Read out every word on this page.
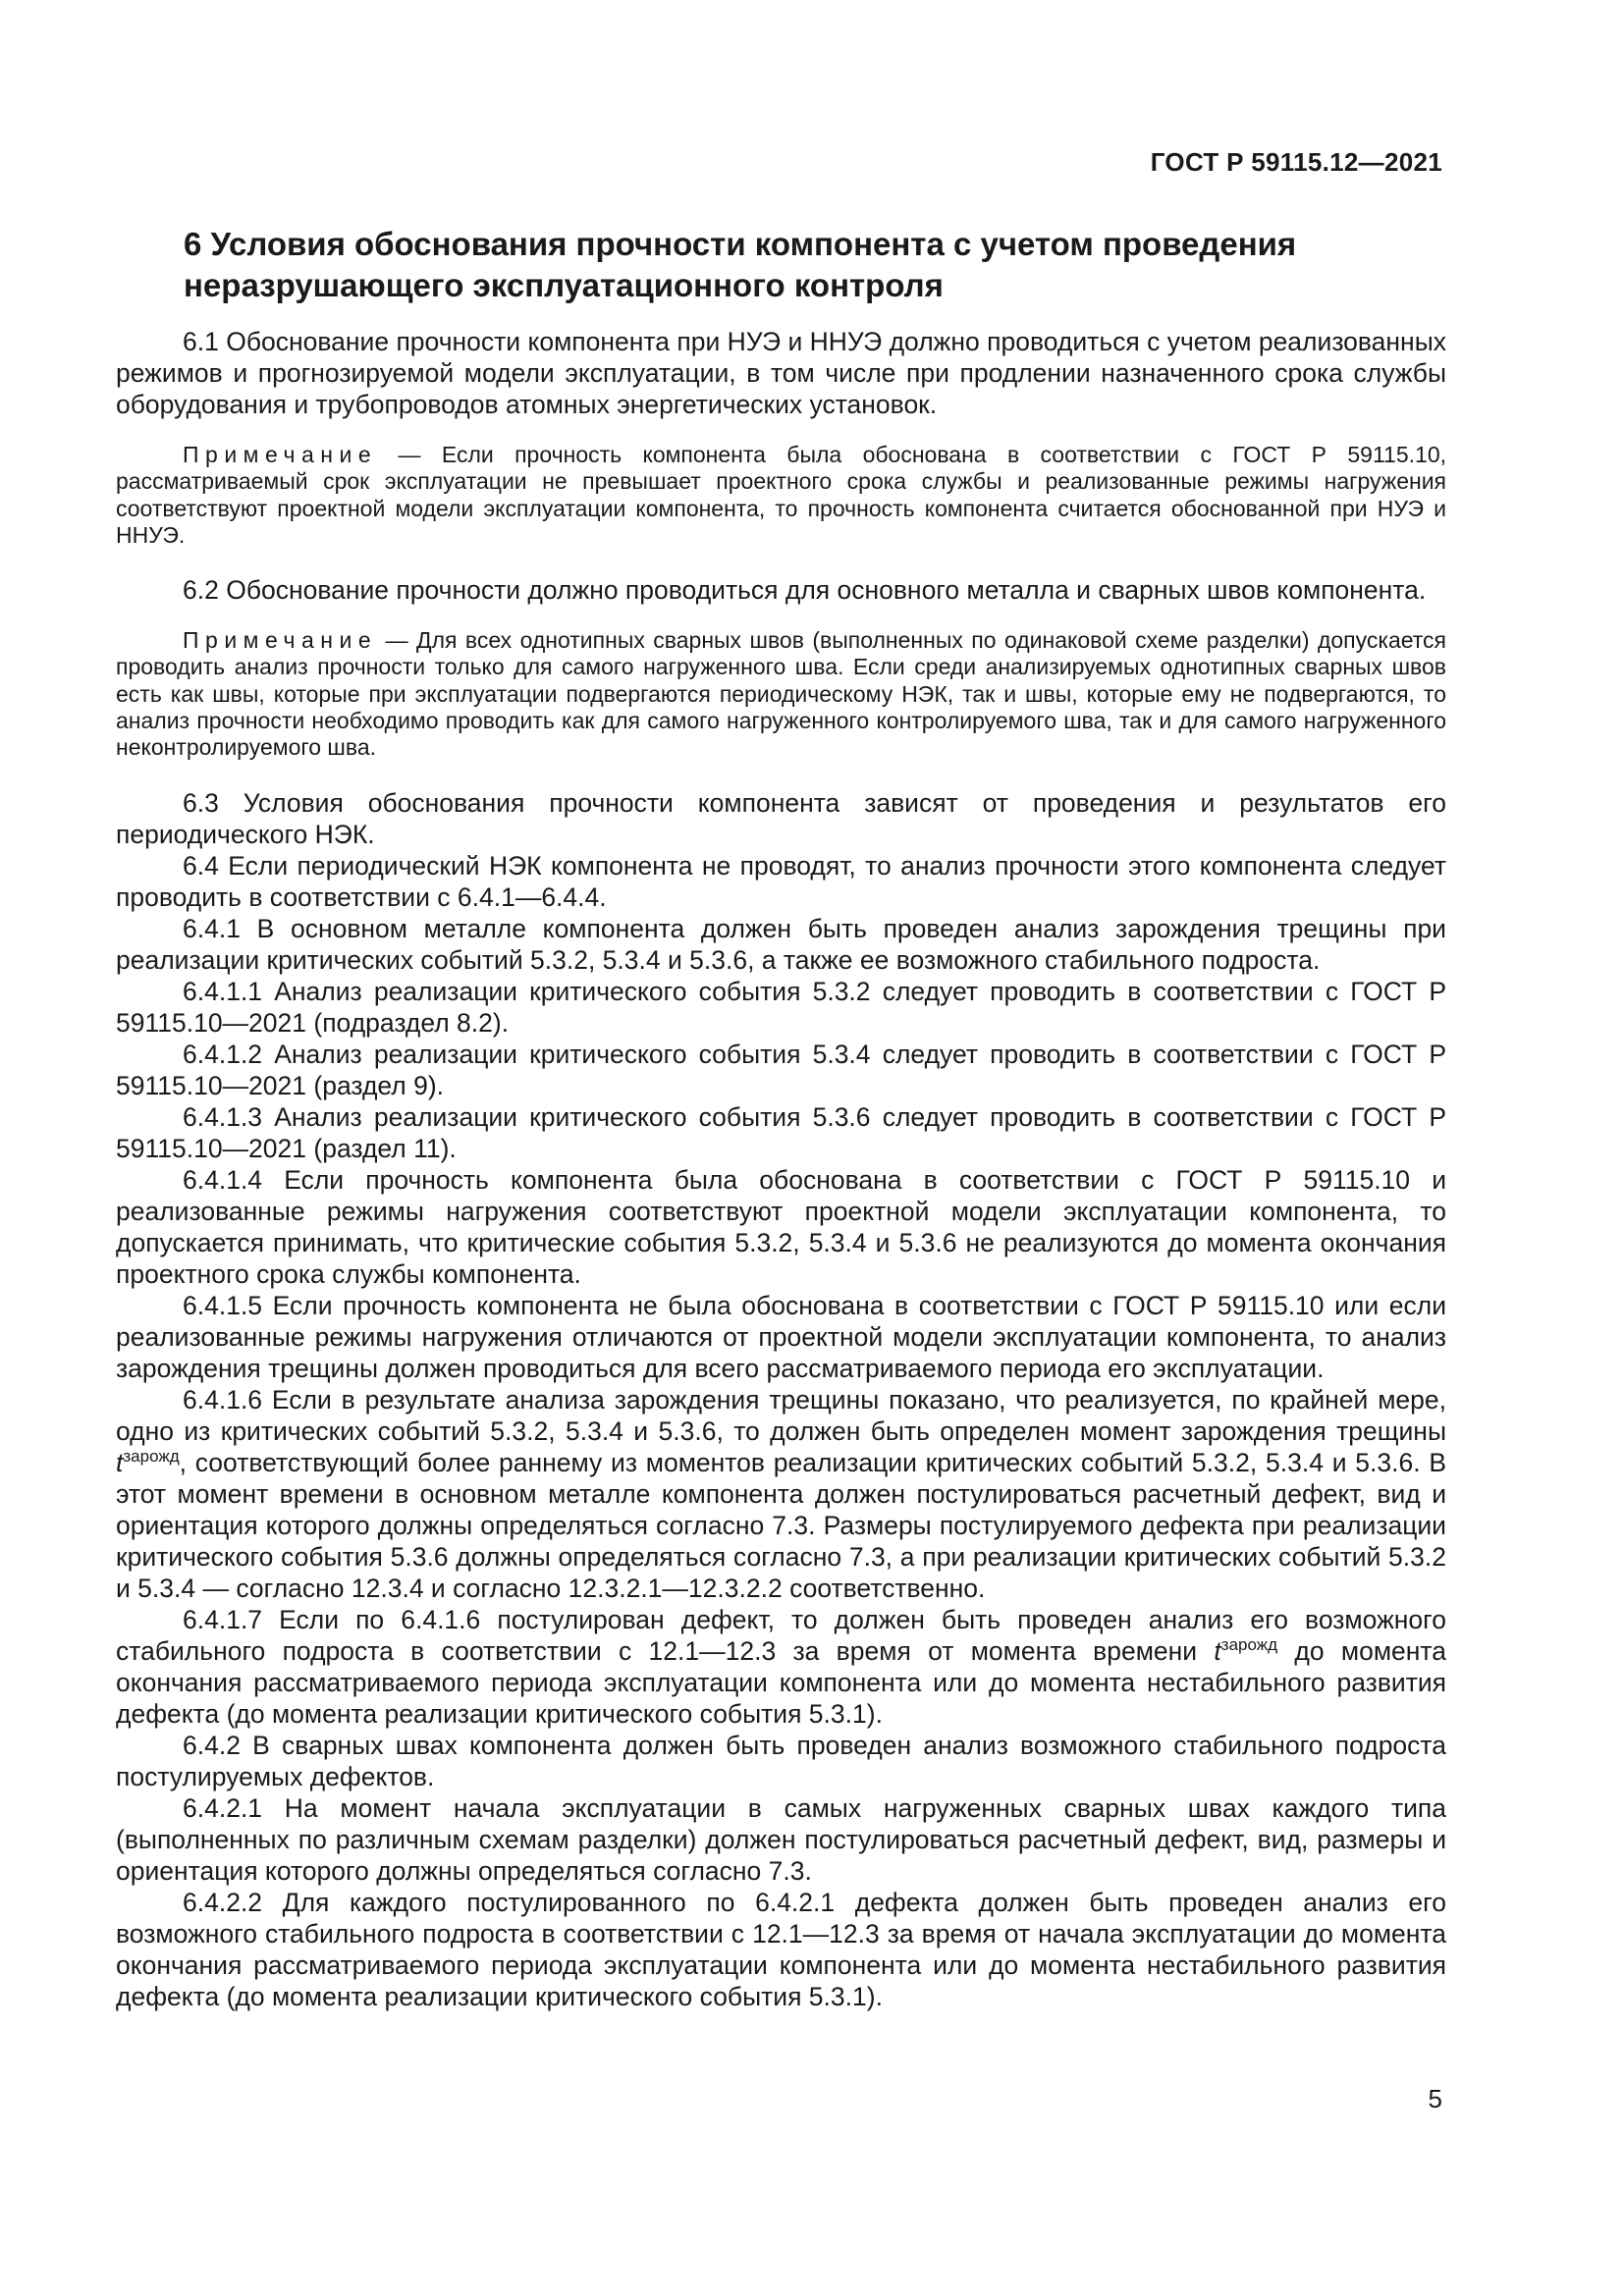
ГОСТ Р 59115.12—2021
6 Условия обоснования прочности компонента с учетом проведения неразрушающего эксплуатационного контроля

6.1 Обоснование прочности компонента при НУЭ и ННУЭ должно проводиться с учетом реализованных режимов и прогнозируемой модели эксплуатации, в том числе при продлении назначенного срока службы оборудования и трубопроводов атомных энергетических установок.

Примечание — Если прочность компонента была обоснована в соответствии с ГОСТ Р 59115.10, рассматриваемый срок эксплуатации не превышает проектного срока службы и реализованные режимы нагружения соответствуют проектной модели эксплуатации компонента, то прочность компонента считается обоснованной при НУЭ и ННУЭ.

6.2 Обоснование прочности должно проводиться для основного металла и сварных швов компонента.

Примечание — Для всех однотипных сварных швов (выполненных по одинаковой схеме разделки) допускается проводить анализ прочности только для самого нагруженного шва. Если среди анализируемых однотипных сварных швов есть как швы, которые при эксплуатации подвергаются периодическому НЭК, так и швы, которые ему не подвергаются, то анализ прочности необходимо проводить как для самого нагруженного контролируемого шва, так и для самого нагруженного неконтролируемого шва.

6.3 Условия обоснования прочности компонента зависят от проведения и результатов его периодического НЭК.

6.4 Если периодический НЭК компонента не проводят, то анализ прочности этого компонента следует проводить в соответствии с 6.4.1—6.4.4.

6.4.1 В основном металле компонента должен быть проведен анализ зарождения трещины при реализации критических событий 5.3.2, 5.3.4 и 5.3.6, а также ее возможного стабильного подроста.

6.4.1.1 Анализ реализации критического события 5.3.2 следует проводить в соответствии с ГОСТ Р 59115.10—2021 (подраздел 8.2).

6.4.1.2 Анализ реализации критического события 5.3.4 следует проводить в соответствии с ГОСТ Р 59115.10—2021 (раздел 9).

6.4.1.3 Анализ реализации критического события 5.3.6 следует проводить в соответствии с ГОСТ Р 59115.10—2021 (раздел 11).

6.4.1.4 Если прочность компонента была обоснована в соответствии с ГОСТ Р 59115.10 и реализованные режимы нагружения соответствуют проектной модели эксплуатации компонента, то допускается принимать, что критические события 5.3.2, 5.3.4 и 5.3.6 не реализуются до момента окончания проектного срока службы компонента.

6.4.1.5 Если прочность компонента не была обоснована в соответствии с ГОСТ Р 59115.10 или если реализованные режимы нагружения отличаются от проектной модели эксплуатации компонента, то анализ зарождения трещины должен проводиться для всего рассматриваемого периода его эксплуатации.

6.4.1.6 Если в результате анализа зарождения трещины показано, что реализуется, по крайней мере, одно из критических событий 5.3.2, 5.3.4 и 5.3.6, то должен быть определен момент зарождения трещины $t^{зарожд}$, соответствующий более раннему из моментов реализации критических событий 5.3.2, 5.3.4 и 5.3.6. В этот момент времени в основном металле компонента должен постулироваться расчетный дефект, вид и ориентация которого должны определяться согласно 7.3. Размеры постулируемого дефекта при реализации критического события 5.3.6 должны определяться согласно 7.3, а при реализации критических событий 5.3.2 и 5.3.4 — согласно 12.3.4 и согласно 12.3.2.1—12.3.2.2 соответственно.

6.4.1.7 Если по 6.4.1.6 постулирован дефект, то должен быть проведен анализ его возможного стабильного подроста в соответствии с 12.1—12.3 за время от момента времени $t^{зарожд}$ до момента окончания рассматриваемого периода эксплуатации компонента или до момента нестабильного развития дефекта (до момента реализации критического события 5.3.1).

6.4.2 В сварных швах компонента должен быть проведен анализ возможного стабильного подроста постулируемых дефектов.

6.4.2.1 На момент начала эксплуатации в самых нагруженных сварных швах каждого типа (выполненных по различным схемам разделки) должен постулироваться расчетный дефект, вид, размеры и ориентация которого должны определяться согласно 7.3.

6.4.2.2 Для каждого постулированного по 6.4.2.1 дефекта должен быть проведен анализ его возможного стабильного подроста в соответствии с 12.1—12.3 за время от начала эксплуатации до момента окончания рассматриваемого периода эксплуатации компонента или до момента нестабильного развития дефекта (до момента реализации критического события 5.3.1).

5
